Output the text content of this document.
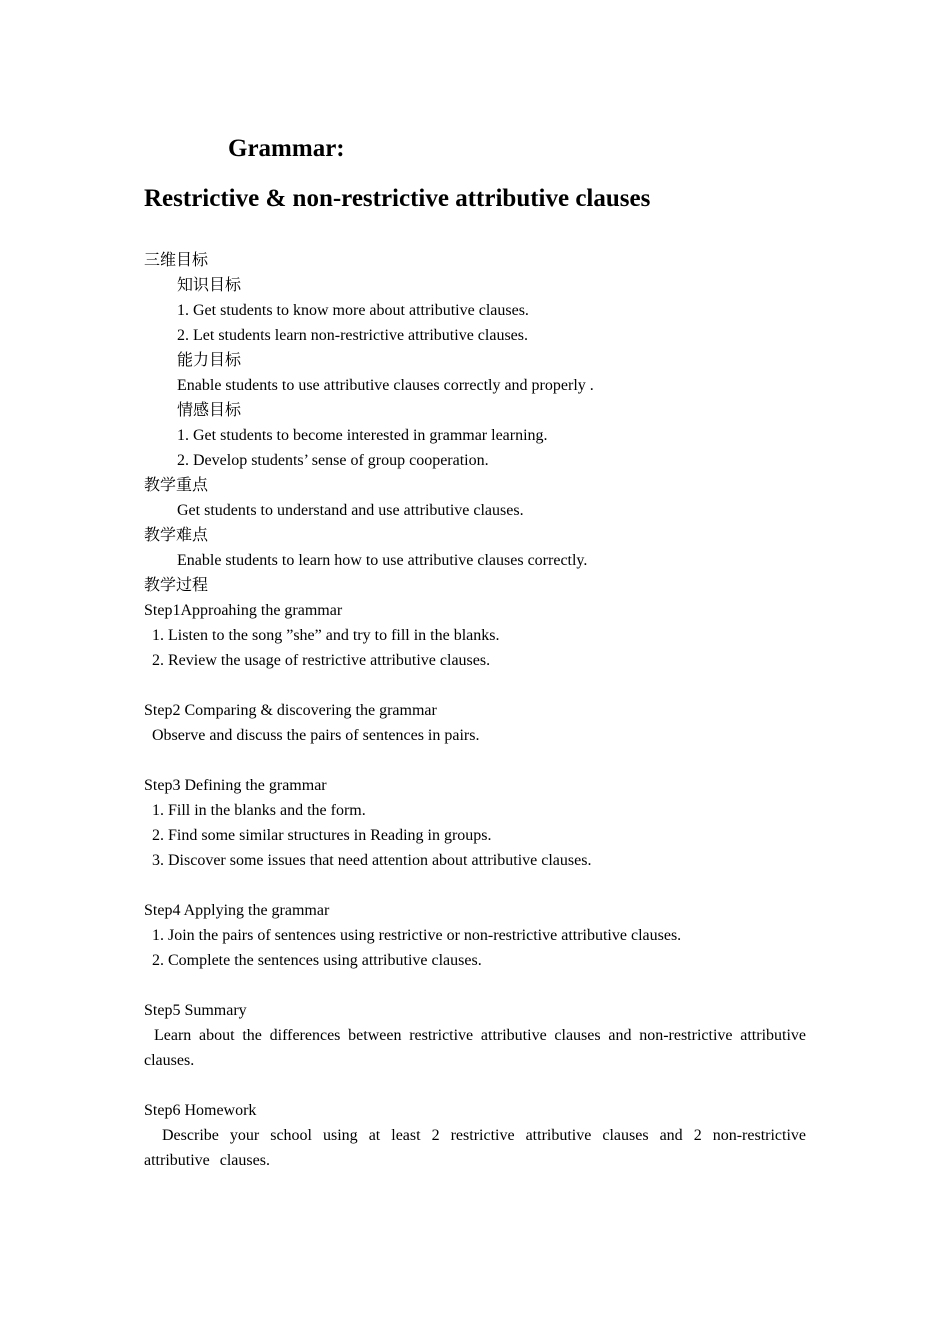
Grammar:
Restrictive & non-restrictive attributive clauses

三维目标

知识目标

1. Get students to know more about attributive clauses.

2. Let students learn non-restrictive attributive clauses.

能力目标

Enable students to use attributive clauses correctly and properly .

情感目标

1. Get students to become interested in grammar learning.

2. Develop students’ sense of group cooperation.

教学重点

Get students to understand and use attributive clauses.

教学难点

Enable students to learn how to use attributive clauses correctly.

教学过程

Step1Approahing the grammar

1. Listen to the song ”she” and try to fill in the blanks.

2. Review the usage of restrictive attributive clauses.

Step2 Comparing & discovering the grammar

Observe and discuss the pairs of sentences in pairs.

Step3 Defining the grammar

1. Fill in the blanks and the form.

2. Find some similar structures in Reading in groups.

3. Discover some issues that need attention about attributive clauses.

Step4 Applying the grammar

1. Join the pairs of sentences using restrictive or non-restrictive attributive clauses.

2. Complete the sentences using attributive clauses.

Step5 Summary

Learn about the differences between restrictive attributive clauses and non-restrictive attributive clauses.

Step6 Homework

Describe your school using at least 2 restrictive attributive clauses and 2 non-restrictive attributive clauses.
